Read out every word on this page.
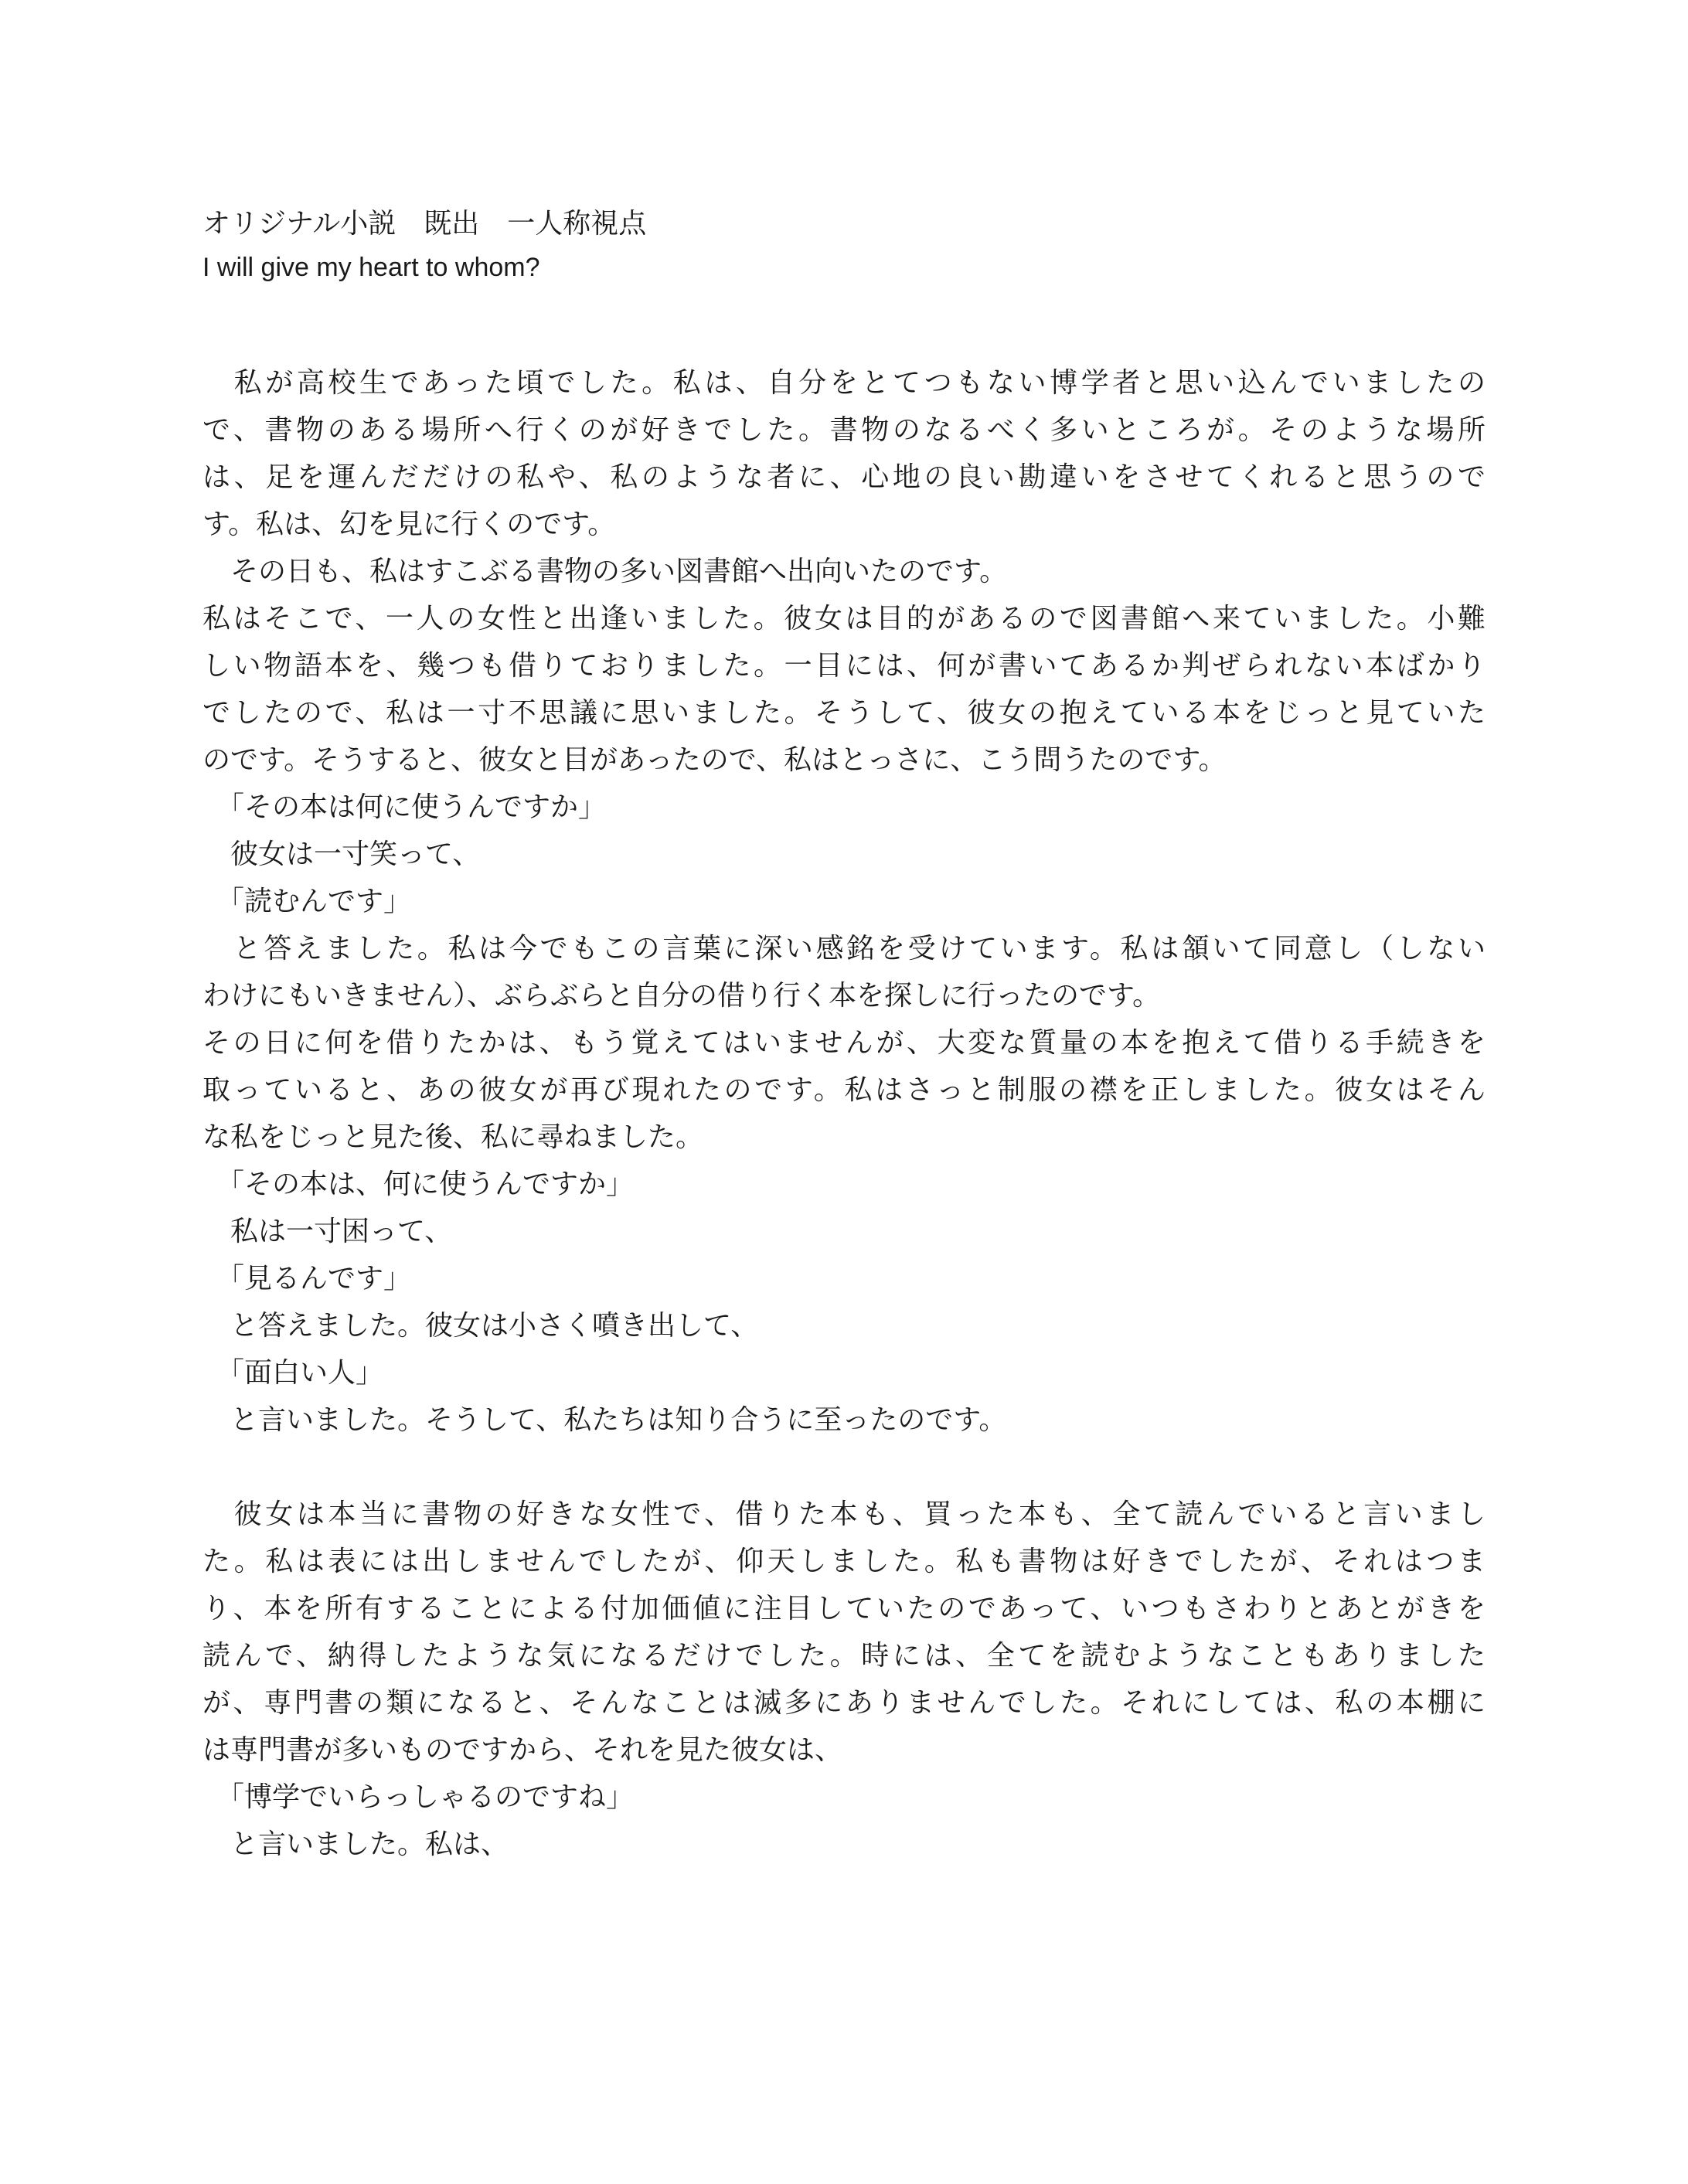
オリジナル小説　既出　一人称視点
I will give my heart to whom?
　私が高校生であった頃でした。私は、自分をとてつもない博学者と思い込んでいましたの
で、書物のある場所へ行くのが好きでした。書物のなるべく多いところが。そのような場所
は、足を運んだだけの私や、私のような者に、心地の良い勘違いをさせてくれると思うので
す。私は、幻を見に行くのです。
　その日も、私はすこぶる書物の多い図書館へ出向いたのです。
私はそこで、一人の女性と出逢いました。彼女は目的があるので図書館へ来ていました。小難
しい物語本を、幾つも借りておりました。一目には、何が書いてあるか判ぜられない本ばかり
でしたので、私は一寸不思議に思いました。そうして、彼女の抱えている本をじっと見ていた
のです。そうすると、彼女と目があったので、私はとっさに、こう問うたのです。
　「その本は何に使うんですか」
　彼女は一寸笑って、
　「読むんです」
　と答えました。私は今でもこの言葉に深い感銘を受けています。私は頷いて同意し（しない
わけにもいきません）、ぶらぶらと自分の借り行く本を探しに行ったのです。
その日に何を借りたかは、もう覚えてはいませんが、大変な質量の本を抱えて借りる手続きを
取っていると、あの彼女が再び現れたのです。私はさっと制服の襟を正しました。彼女はそん
な私をじっと見た後、私に尋ねました。
　「その本は、何に使うんですか」
　私は一寸困って、
　「見るんです」
　と答えました。彼女は小さく噴き出して、
　「面白い人」
　と言いました。そうして、私たちは知り合うに至ったのです。
　彼女は本当に書物の好きな女性で、借りた本も、買った本も、全て読んでいると言いまし
た。私は表には出しませんでしたが、仰天しました。私も書物は好きでしたが、それはつま
り、本を所有することによる付加価値に注目していたのであって、いつもさわりとあとがきを
読んで、納得したような気になるだけでした。時には、全てを読むようなこともありました
が、専門書の類になると、そんなことは滅多にありませんでした。それにしては、私の本棚に
は専門書が多いものですから、それを見た彼女は、
　「博学でいらっしゃるのですね」
　と言いました。私は、
